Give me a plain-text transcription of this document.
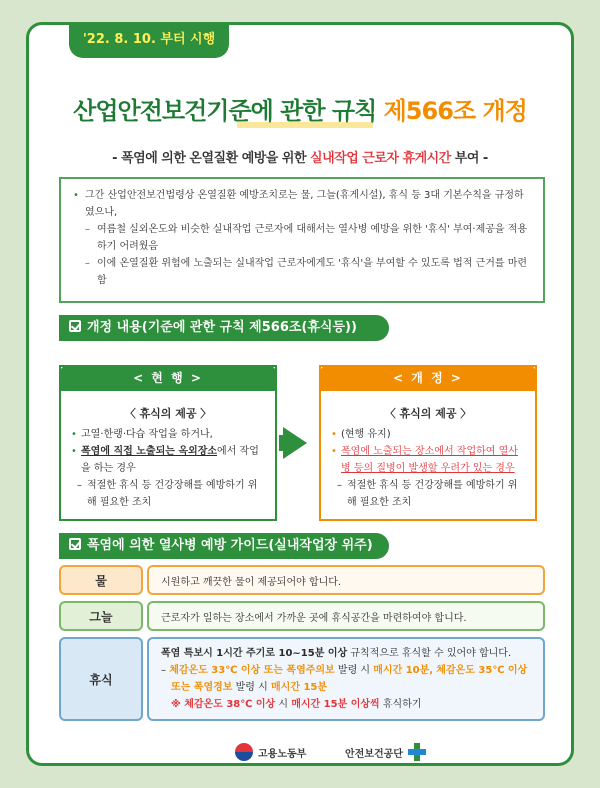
'22. 8. 10. 부터 시행
산업안전보건기준에 관한 규칙 제566조 개정
- 폭염에 의한 온열질환 예방을 위한 실내작업 근로자 휴게시간 부여 -
• 그간 산업안전보건법령상 온열질환 예방조치로는 물, 그늘(휴게시설), 휴식 등 3대 기본수칙을 규정하였으나,
– 여름철 실외온도와 비슷한 실내작업 근로자에 대해서는 열사병 예방을 위한 '휴식' 부여·제공을 적용하기 어려웠음
– 이에 온열질환 위험에 노출되는 실내작업 근로자에게도 '휴식'을 부여할 수 있도록 법적 근거를 마련함
개정 내용(기준에 관한 규칙 제566조(휴식등))
< 현 행 >
〈 휴식의 제공 〉
• 고열·한랭·다습 작업을 하거나,
• 폭염에 직접 노출되는 옥외장소에서 작업을 하는 경우
– 적절한 휴식 등 건강장해를 예방하기 위해 필요한 조치
< 개 정 >
〈 휴식의 제공 〉
• (현행 유지)
• 폭염에 노출되는 장소에서 작업하여 열사병 등의 질병이 발생할 우려가 있는 경우
– 적절한 휴식 등 건강장해를 예방하기 위해 필요한 조치
폭염에 의한 열사병 예방 가이드(실내작업장 위주)
물	시원하고 깨끗한 물이 제공되어야 합니다.
그늘	근로자가 일하는 장소에서 가까운 곳에 휴식공간을 마련하여야 합니다.
휴식
폭염 특보시 1시간 주기로 10~15분 이상 규칙적으로 휴식할 수 있어야 합니다.
– 체감온도 33℃ 이상 또는 폭염주의보 발령 시 매시간 10분, 체감온도 35℃ 이상
또는 폭염경보 발령 시 매시간 15분
※ 체감온도 38℃ 이상 시 매시간 15분 이상씩 휴식하기
고용노동부	안전보건공단
